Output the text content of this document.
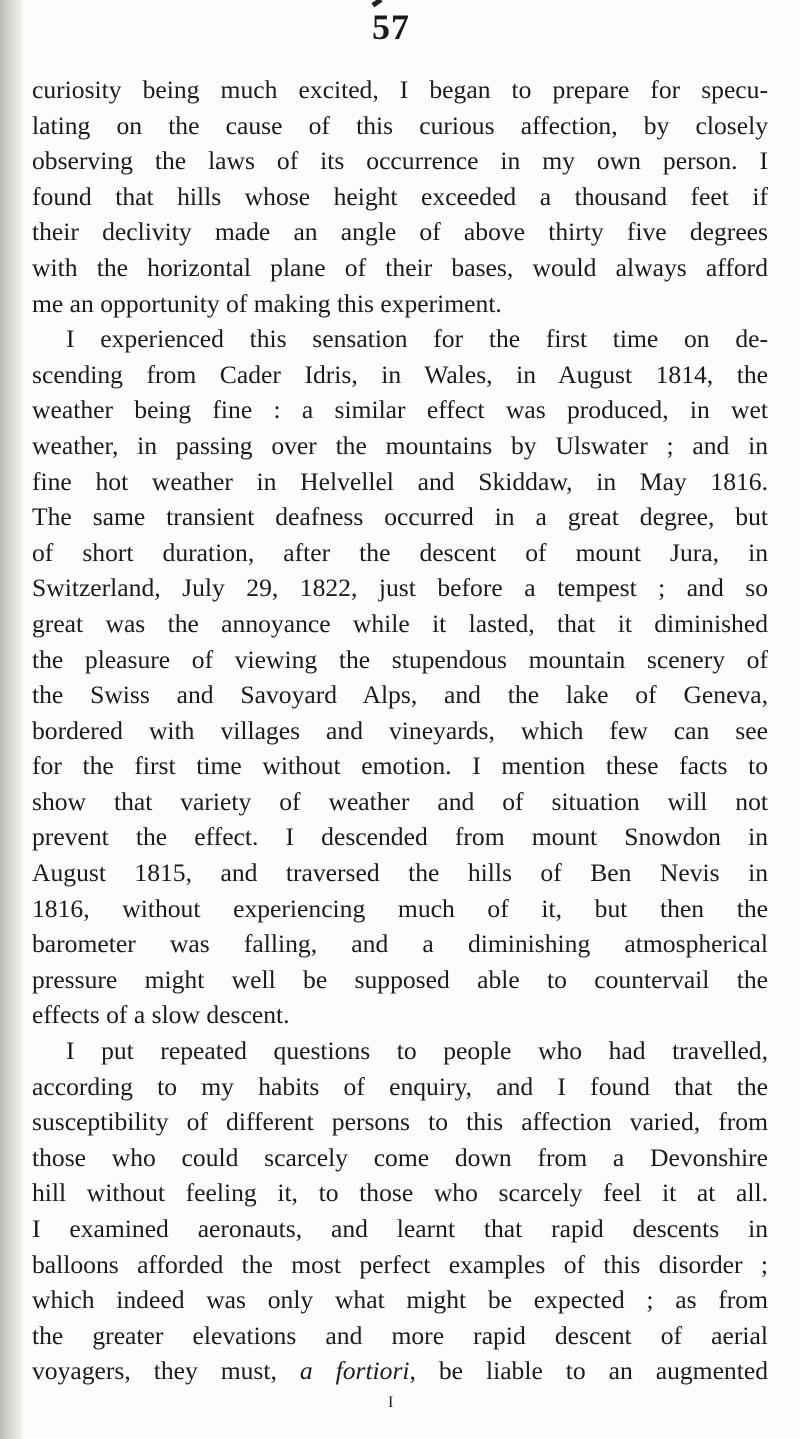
57
curiosity being much excited, I began to prepare for specu-
lating on the cause of this curious affection, by closely
observing the laws of its occurrence in my own person. I
found that hills whose height exceeded a thousand feet if
their declivity made an angle of above thirty five degrees
with the horizontal plane of their bases, would always afford
me an opportunity of making this experiment.
I experienced this sensation for the first time on de-
scending from Cader Idris, in Wales, in August 1814, the
weather being fine : a similar effect was produced, in wet
weather, in passing over the mountains by Ulswater ; and in
fine hot weather in Helvellel and Skiddaw, in May 1816.
The same transient deafness occurred in a great degree, but
of short duration, after the descent of mount Jura, in
Switzerland, July 29, 1822, just before a tempest ; and so
great was the annoyance while it lasted, that it diminished
the pleasure of viewing the stupendous mountain scenery of
the Swiss and Savoyard Alps, and the lake of Geneva,
bordered with villages and vineyards, which few can see
for the first time without emotion. I mention these facts to
show that variety of weather and of situation will not
prevent the effect. I descended from mount Snowdon in
August 1815, and traversed the hills of Ben Nevis in
1816, without experiencing much of it, but then the
barometer was falling, and a diminishing atmospherical
pressure might well be supposed able to countervail the
effects of a slow descent.
I put repeated questions to people who had travelled,
according to my habits of enquiry, and I found that the
susceptibility of different persons to this affection varied, from
those who could scarcely come down from a Devonshire
hill without feeling it, to those who scarcely feel it at all.
I examined aeronauts, and learnt that rapid descents in
balloons afforded the most perfect examples of this disorder ;
which indeed was only what might be expected ; as from
the greater elevations and more rapid descent of aerial
voyagers, they must, a fortiori, be liable to an augmented
I
